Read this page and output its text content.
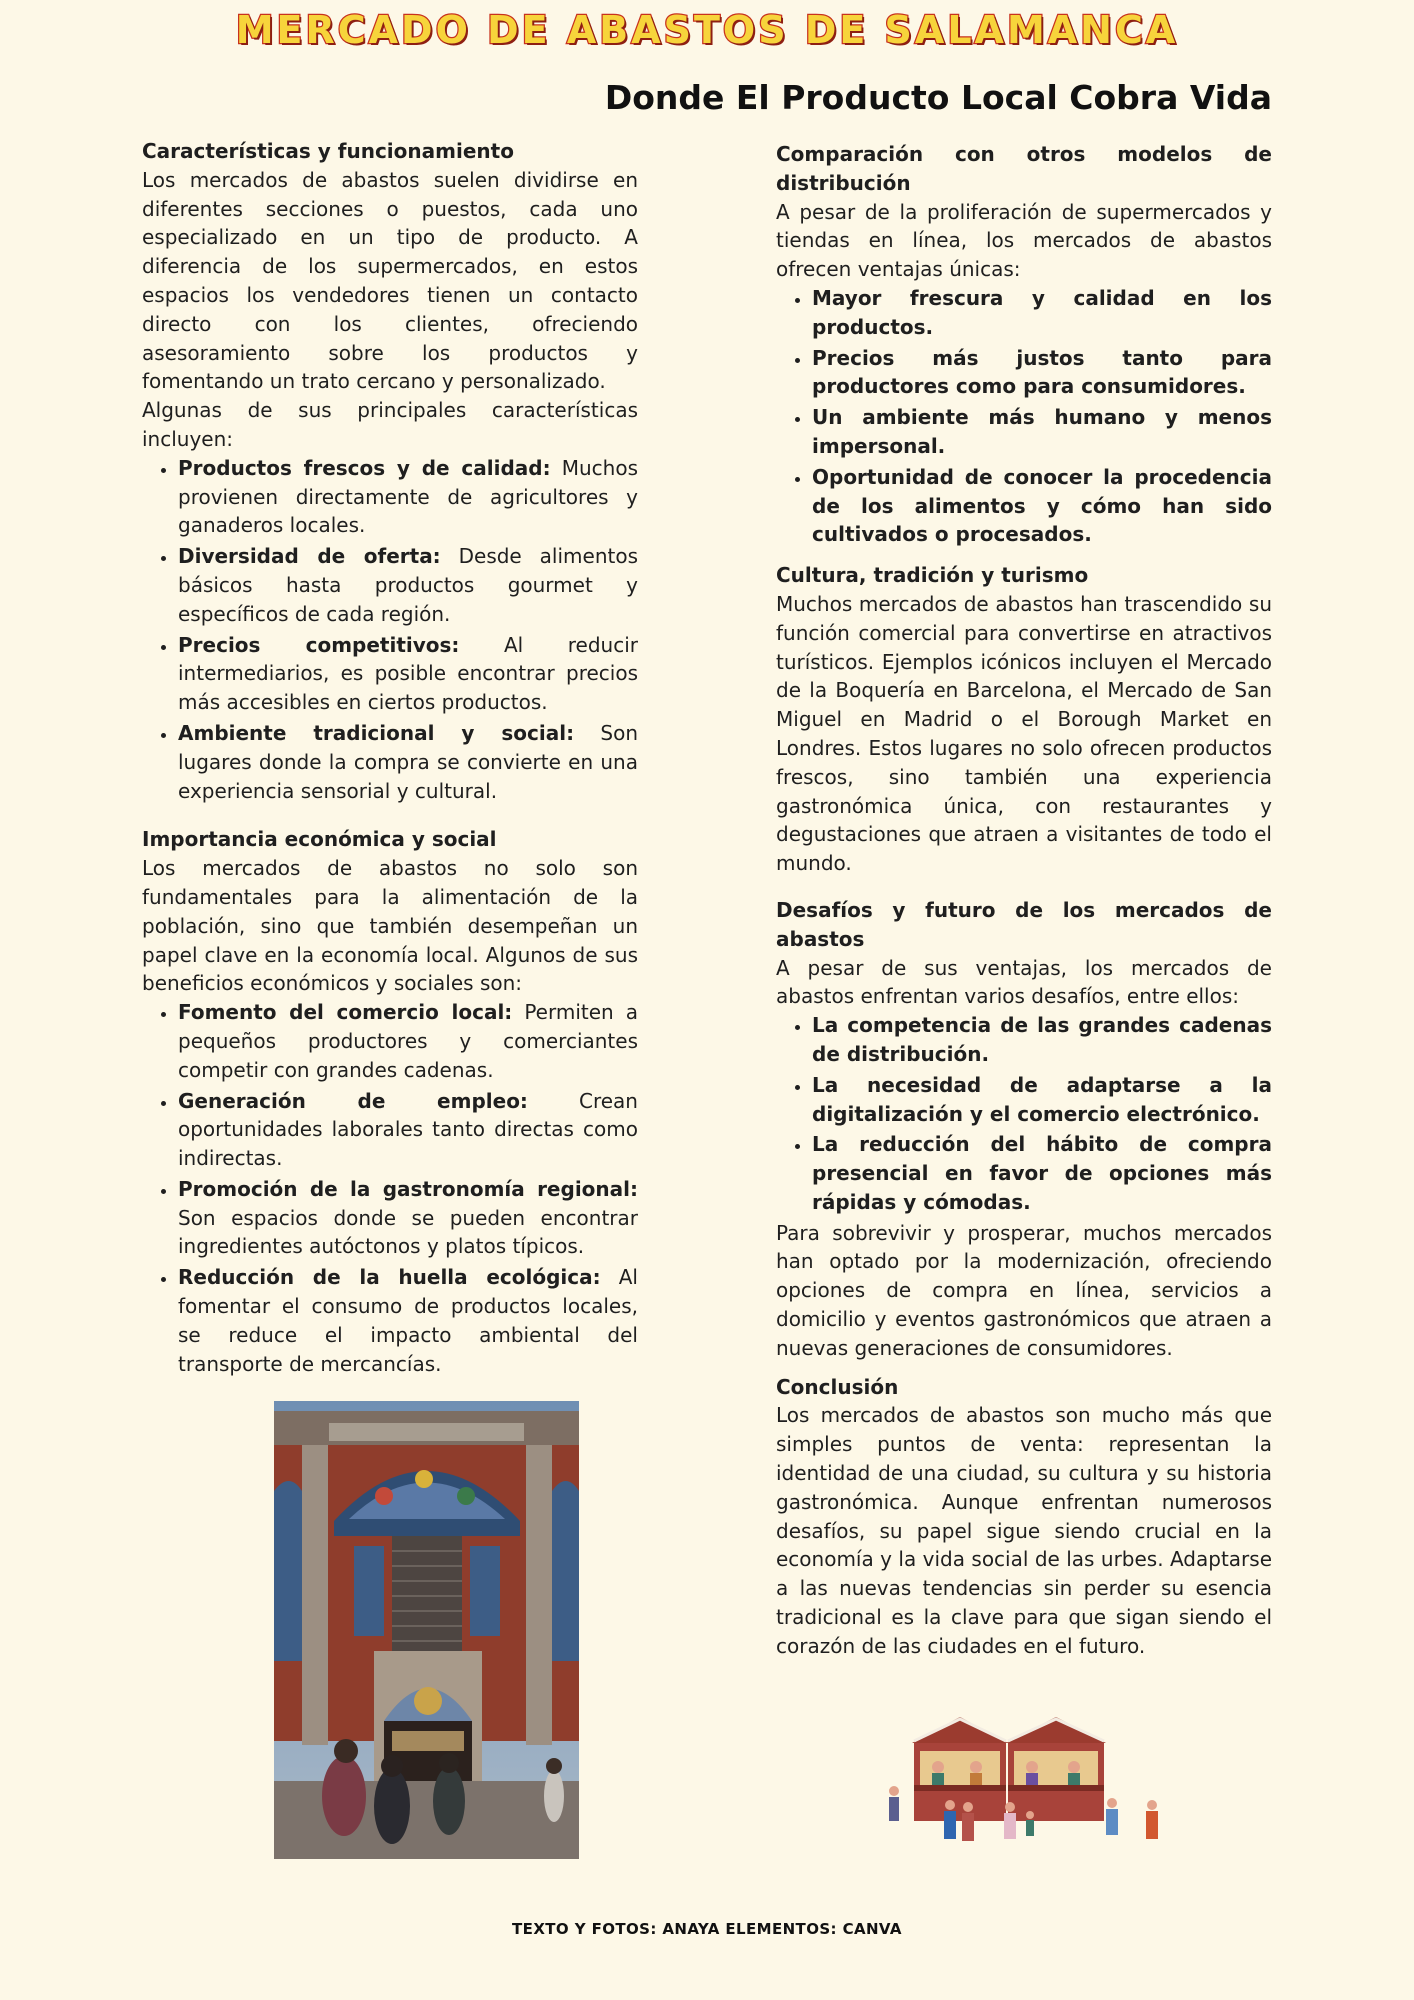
MERCADO DE ABASTOS DE SALAMANCA
Donde El Producto Local Cobra Vida

Características y funcionamiento

Los mercados de abastos suelen dividirse en diferentes secciones o puestos, cada uno especializado en un tipo de producto. A diferencia de los supermercados, en estos espacios los vendedores tienen un contacto directo con los clientes, ofreciendo asesoramiento sobre los productos y fomentando un trato cercano y personalizado.

Algunas de sus principales características incluyen:

• Productos frescos y de calidad: Muchos provienen directamente de agricultores y ganaderos locales.
• Diversidad de oferta: Desde alimentos básicos hasta productos gourmet y específicos de cada región.
• Precios competitivos: Al reducir intermediarios, es posible encontrar precios más accesibles en ciertos productos.
• Ambiente tradicional y social: Son lugares donde la compra se convierte en una experiencia sensorial y cultural.

Importancia económica y social

Los mercados de abastos no solo son fundamentales para la alimentación de la población, sino que también desempeñan un papel clave en la economía local. Algunos de sus beneficios económicos y sociales son:

• Fomento del comercio local: Permiten a pequeños productores y comerciantes competir con grandes cadenas.
• Generación de empleo: Crean oportunidades laborales tanto directas como indirectas.
• Promoción de la gastronomía regional: Son espacios donde se pueden encontrar ingredientes autóctonos y platos típicos.
• Reducción de la huella ecológica: Al fomentar el consumo de productos locales, se reduce el impacto ambiental del transporte de mercancías.

Comparación con otros modelos de distribución

A pesar de la proliferación de supermercados y tiendas en línea, los mercados de abastos ofrecen ventajas únicas:

• Mayor frescura y calidad en los productos.
• Precios más justos tanto para productores como para consumidores.
• Un ambiente más humano y menos impersonal.
• Oportunidad de conocer la procedencia de los alimentos y cómo han sido cultivados o procesados.

Cultura, tradición y turismo

Muchos mercados de abastos han trascendido su función comercial para convertirse en atractivos turísticos. Ejemplos icónicos incluyen el Mercado de la Boquería en Barcelona, el Mercado de San Miguel en Madrid o el Borough Market en Londres. Estos lugares no solo ofrecen productos frescos, sino también una experiencia gastronómica única, con restaurantes y degustaciones que atraen a visitantes de todo el mundo.

Desafíos y futuro de los mercados de abastos

A pesar de sus ventajas, los mercados de abastos enfrentan varios desafíos, entre ellos:

• La competencia de las grandes cadenas de distribución.
• La necesidad de adaptarse a la digitalización y el comercio electrónico.
• La reducción del hábito de compra presencial en favor de opciones más rápidas y cómodas.

Para sobrevivir y prosperar, muchos mercados han optado por la modernización, ofreciendo opciones de compra en línea, servicios a domicilio y eventos gastronómicos que atraen a nuevas generaciones de consumidores.

Conclusión

Los mercados de abastos son mucho más que simples puntos de venta: representan la identidad de una ciudad, su cultura y su historia gastronómica. Aunque enfrentan numerosos desafíos, su papel sigue siendo crucial en la economía y la vida social de las urbes. Adaptarse a las nuevas tendencias sin perder su esencia tradicional es la clave para que sigan siendo el corazón de las ciudades en el futuro.

TEXTO Y FOTOS: ANAYA ELEMENTOS: CANVA
